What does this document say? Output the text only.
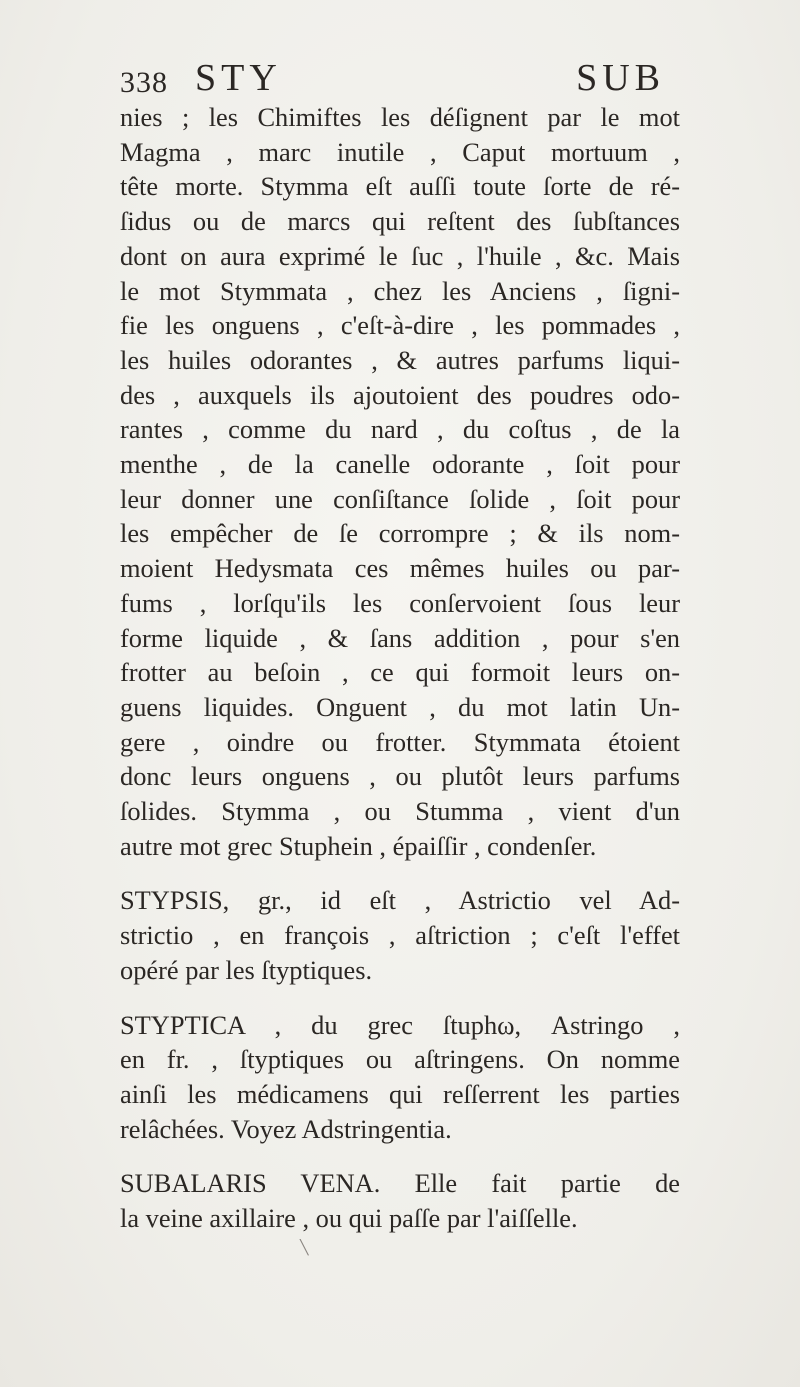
338 STY	SUB
nies ; les Chimiftes les déſignent par le mot
Magma , marc inutile , Caput mortuum ,
tête morte. Stymma eſt auſſi toute ſorte de ré-
ſidus ou de marcs qui reſtent des ſubſtances
dont on aura exprimé le ſuc , l'huile , &c. Mais
le mot Stymmata , chez les Anciens , ſigni-
fie les onguens , c'eſt-à-dire , les pommades ,
les huiles odorantes , & autres parfums liqui-
des , auxquels ils ajoutoient des poudres odo-
rantes , comme du nard , du coſtus , de la
menthe , de la canelle odorante , ſoit pour
leur donner une conſiſtance ſolide , ſoit pour
les empêcher de ſe corrompre ; & ils nom-
moient Hedysmata ces mêmes huiles ou par-
fums , lorſqu'ils les conſervoient ſous leur
forme liquide , & ſans addition , pour s'en
frotter au beſoin , ce qui formoit leurs on-
guens liquides. Onguent , du mot latin Un-
gere , oindre ou frotter. Stymmata étoient
donc leurs onguens , ou plutôt leurs parfums
ſolides. Stymma , ou Stumma , vient d'un
autre mot grec Stuphein , épaiſſir , condenſer.
STYPSIS, gr., id eſt , Astrictio vel Ad-
strictio , en françois , aſtriction ; c'eſt l'effet
opéré par les ſtyptiques.
STYPTICA , du grec ſtuphω, Astringo ,
en fr. , ſtyptiques ou aſtringens. On nomme
ainſi les médicamens qui reſſerrent les parties
relâchées. Voyez Adstringentia.
SUBALARIS VENA. Elle fait partie de
la veine axillaire , ou qui paſſe par l'aiſſelle.
╲
